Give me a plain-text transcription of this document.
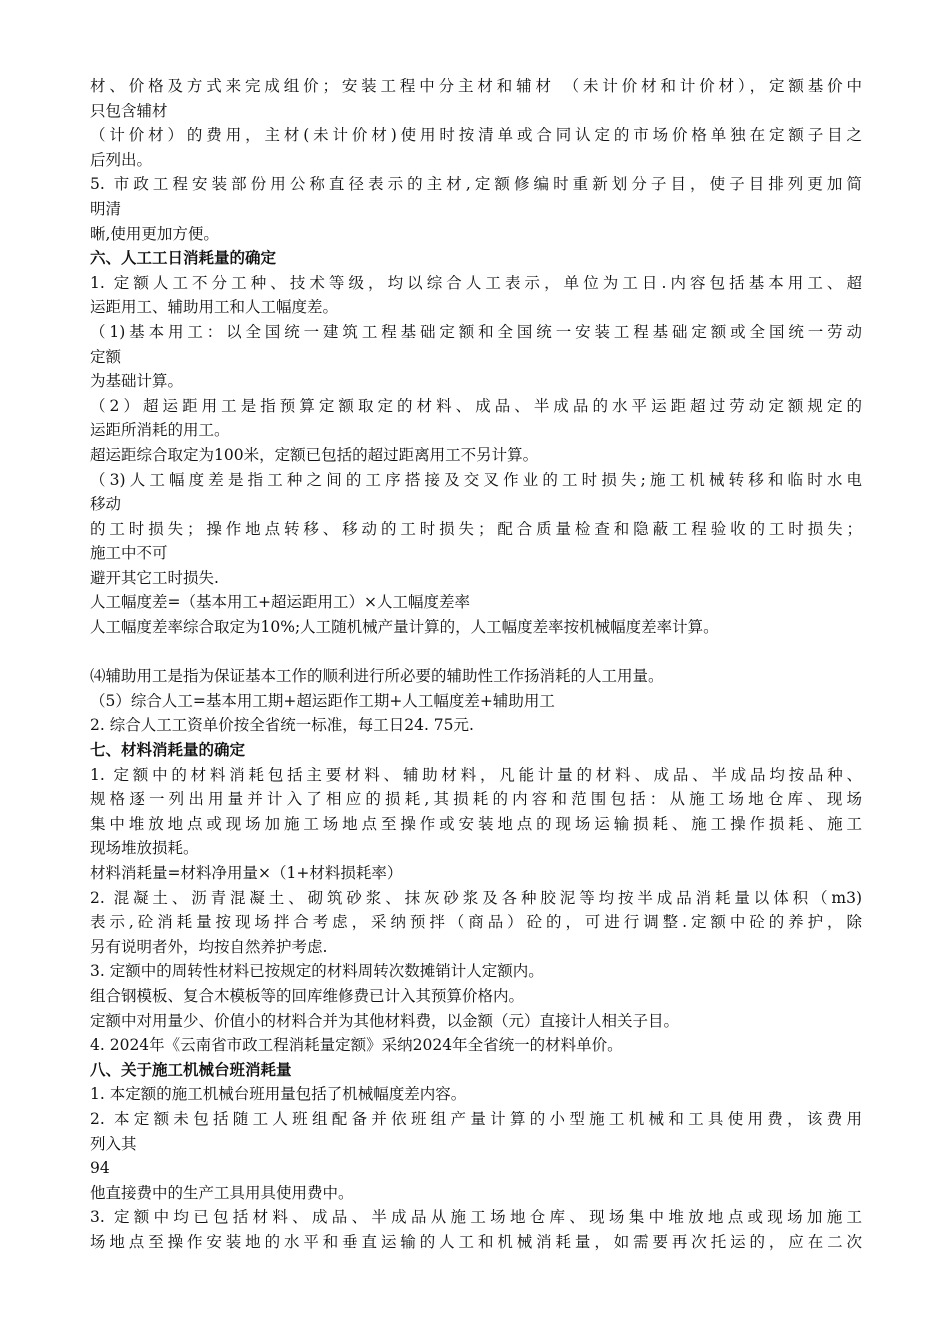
材、价格及方式来完成组价；安装工程中分主材和辅材 （未计价材和计价材），定额基价中

只包含辅材

（计价材）的费用，主材(未计价材)使用时按清单或合同认定的市场价格单独在定额子目之

后列出。

5. 市政工程安装部份用公称直径表示的主材,定额修编时重新划分子目，使子目排列更加简

明清

晰,使用更加方便。

六、人工工日消耗量的确定

1. 定额人工不分工种、技术等级，均以综合人工表示，单位为工日.内容包括基本用工、超

运距用工、辅助用工和人工幅度差。

（1)基本用工：以全国统一建筑工程基础定额和全国统一安装工程基础定额或全国统一劳动

定额

为基础计算。

（2）超运距用工是指预算定额取定的材料、成品、半成品的水平运距超过劳动定额规定的

运距所消耗的用工。

超运距综合取定为100米，定额已包括的超过距离用工不另计算。

（3)人工幅度差是指工种之间的工序搭接及交叉作业的工时损失;施工机械转移和临时水电

移动

的工时损失；操作地点转移、移动的工时损失；配合质量检查和隐蔽工程验收的工时损失；

施工中不可

避开其它工时损失.

人工幅度差=（基本用工+超运距用工）×人工幅度差率

人工幅度差率综合取定为10%;人工随机械产量计算的，人工幅度差率按机械幅度差率计算。

⑷辅助用工是指为保证基本工作的顺利进行所必要的辅助性工作扬消耗的人工用量。

（5）综合人工=基本用工期+超运距作工期+人工幅度差+辅助用工

2. 综合人工工资单价按全省统一标准，每工日24. 75元.

七、材料消耗量的确定

1. 定额中的材料消耗包括主要材料、辅助材料，凡能计量的材料、成品、半成品均按品种、

规格逐一列出用量并计入了相应的损耗,其损耗的内容和范围包括：从施工场地仓库、现场

集中堆放地点或现场加施工场地点至操作或安装地点的现场运输损耗、施工操作损耗、施工

现场堆放损耗。

材料消耗量=材料净用量×（1+材料损耗率）

2. 混凝土、沥青混凝土、砌筑砂浆、抹灰砂浆及各种胶泥等均按半成品消耗量以体积（m3)

表示,砼消耗量按现场拌合考虑，采纳预拌（商品）砼的，可进行调整.定额中砼的养护，除

另有说明者外，均按自然养护考虑.

3. 定额中的周转性材料已按规定的材料周转次数摊销计人定额内。

组合钢模板、复合木模板等的回库维修费已计入其预算价格内。

定额中对用量少、价值小的材料合并为其他材料费，以金额（元）直接计人相关子目。

4. 2024年《云南省市政工程消耗量定额》采纳2024年全省统一的材料单价。

八、关于施工机械台班消耗量

1. 本定额的施工机械台班用量包括了机械幅度差内容。

2. 本定额未包括随工人班组配备并依班组产量计算的小型施工机械和工具使用费，该费用

列入其

94

他直接费中的生产工具用具使用费中。

3. 定额中均已包括材料、成品、半成品从施工场地仓库、现场集中堆放地点或现场加施工

场地点至操作安装地的水平和垂直运输的人工和机械消耗量，如需要再次托运的，应在二次
